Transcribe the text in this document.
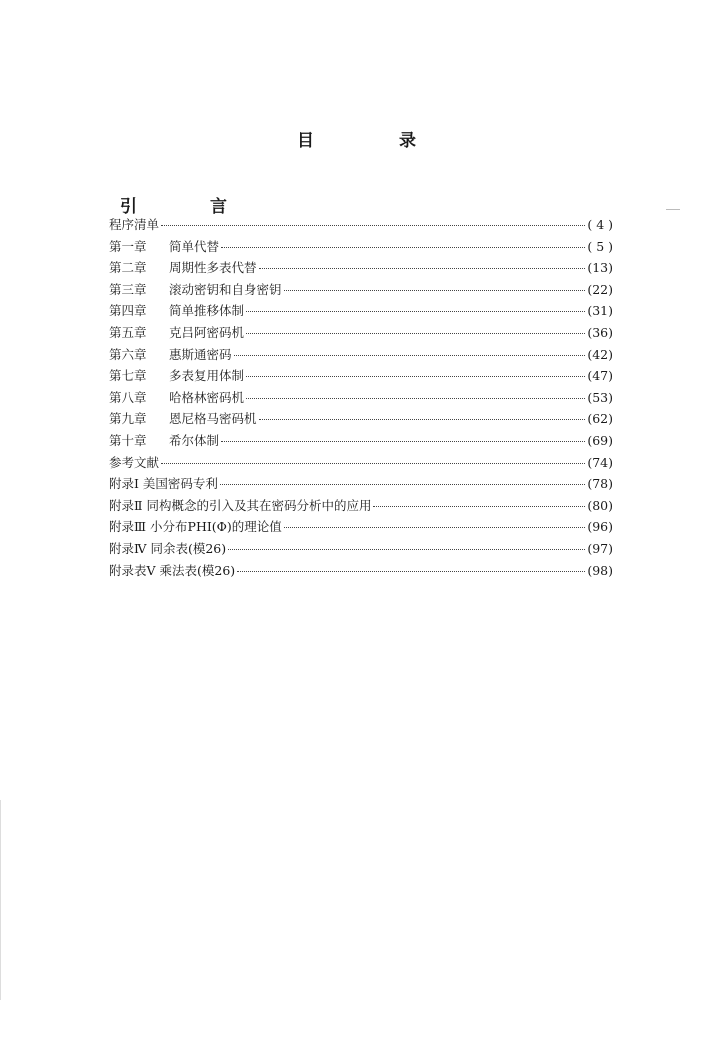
目　录
引　言
程序清单	( 4 )
第一章 简单代替	( 5 )
第二章 周期性多表代替	(13)
第三章 滚动密钥和自身密钥	(22)
第四章 简单推移体制	(31)
第五章 克吕阿密码机	(36)
第六章 惠斯通密码	(42)
第七章 多表复用体制	(47)
第八章 哈格林密码机	(53)
第九章 恩尼格马密码机	(62)
第十章 希尔体制	(69)
参考文献	(74)
附录Ⅰ 美国密码专利	(78)
附录Ⅱ 同构概念的引入及其在密码分析中的应用	(80)
附录Ⅲ 小分布PHI(Φ)的理论值	(96)
附录Ⅳ 同余表(模26)	(97)
附录表Ⅴ 乘法表(模26)	(98)
